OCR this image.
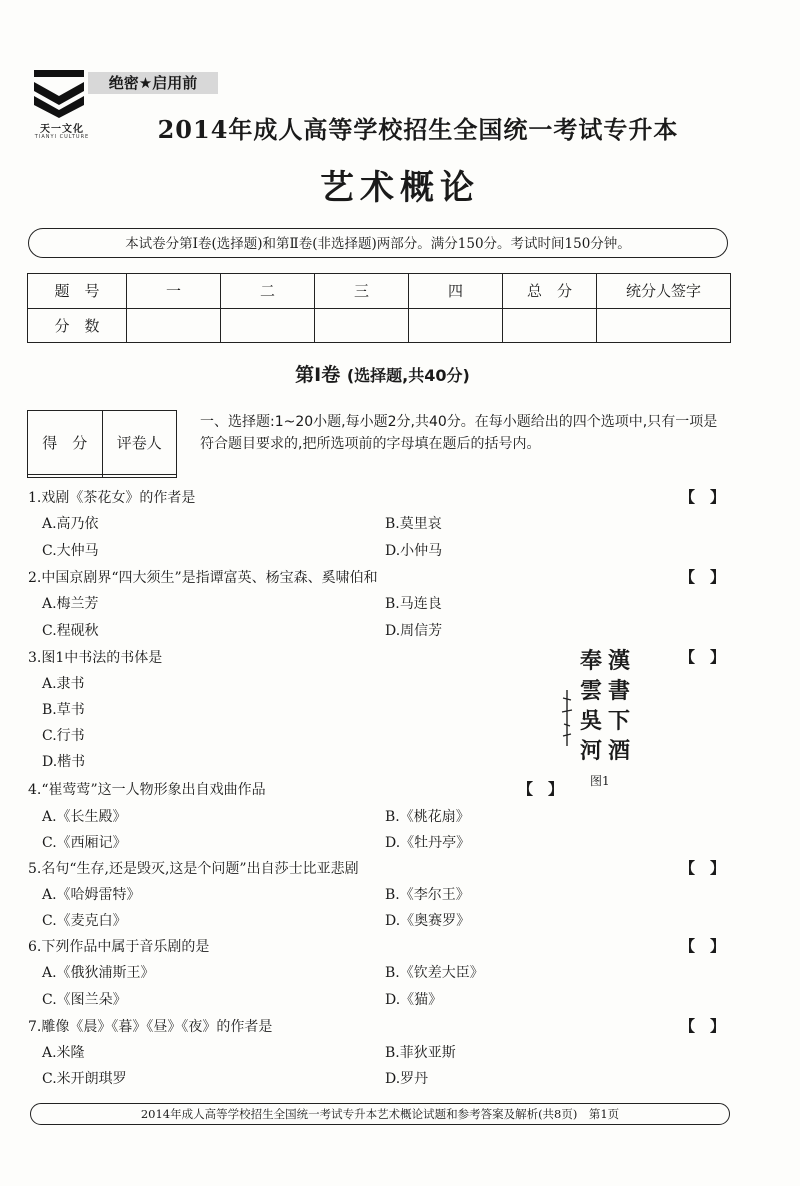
天一文化
TIANYI CULTURE
绝密★启用前
2014年成人高等学校招生全国统一考试专升本
艺术概论
本试卷分第Ⅰ卷(选择题)和第Ⅱ卷(非选择题)两部分。满分150分。考试时间150分钟。
题　号	一	二	三	四	总　分	统分人签字
分　数						
第Ⅰ卷 (选择题,共40分)
得　分	评卷人

一、选择题:1~20小题,每小题2分,共40分。在每小题给出的四个选项中,只有一项是符合题目要求的,把所选项前的字母填在题后的括号内。
1.戏剧《茶花女》的作者是	【　】
A.高乃依	B.莫里哀
C.大仲马	D.小仲马
2.中国京剧界“四大须生”是指谭富英、杨宝森、奚啸伯和	【　】
A.梅兰芳	B.马连良
C.程砚秋	D.周信芳
3.图1中书法的书体是	【　】
A.隶书
B.草书
C.行书
D.楷书
漢
書
下
酒
奉
雲
吳
河
图1
4.“崔莺莺”这一人物形象出自戏曲作品	【　】
A.《长生殿》	B.《桃花扇》
C.《西厢记》	D.《牡丹亭》
5.名句“生存,还是毁灭,这是个问题”出自莎士比亚悲剧	【　】
A.《哈姆雷特》	B.《李尔王》
C.《麦克白》	D.《奥赛罗》
6.下列作品中属于音乐剧的是	【　】
A.《俄狄浦斯王》	B.《钦差大臣》
C.《图兰朵》	D.《猫》
7.雕像《晨》《暮》《昼》《夜》的作者是	【　】
A.米隆	B.菲狄亚斯
C.米开朗琪罗	D.罗丹
2014年成人高等学校招生全国统一考试专升本艺术概论试题和参考答案及解析(共8页)　第1页
